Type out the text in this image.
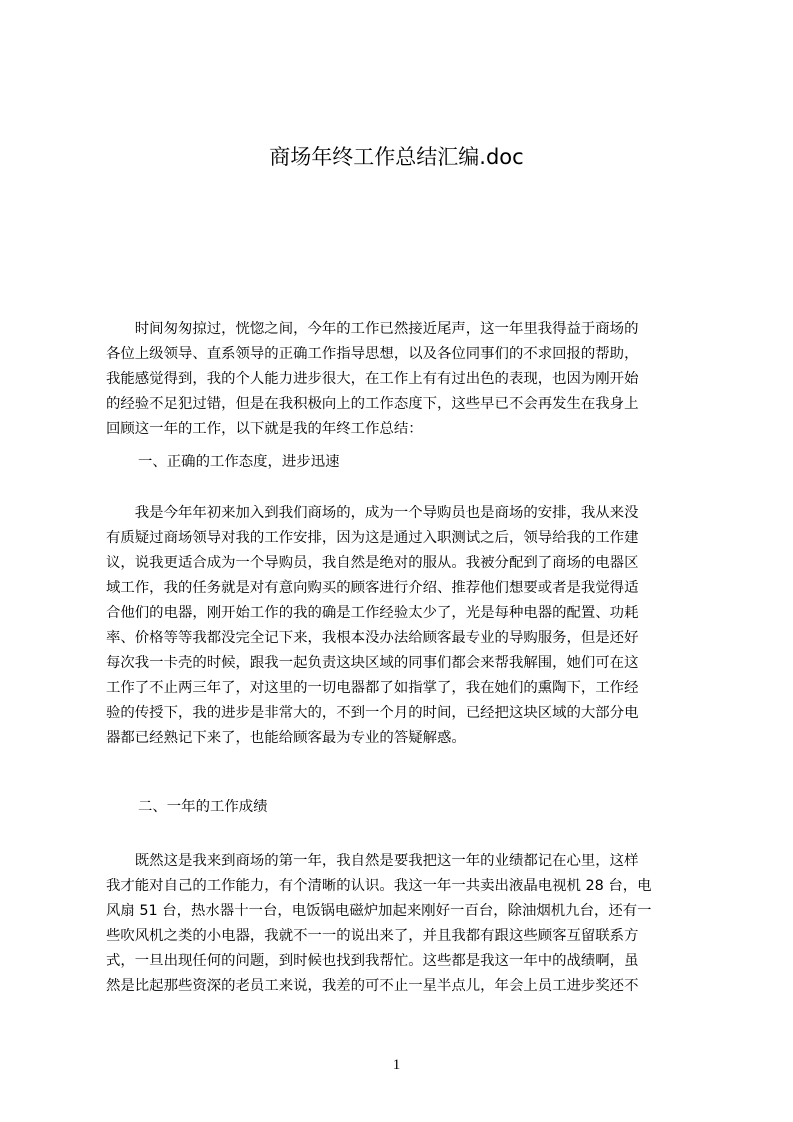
商场年终工作总结汇编.doc
　　时间匆匆掠过，恍惚之间，今年的工作已然接近尾声，这一年里我得益于商场的
各位上级领导、直系领导的正确工作指导思想，以及各位同事们的不求回报的帮助，
我能感觉得到，我的个人能力进步很大，在工作上有有过出色的表现，也因为刚开始
的经验不足犯过错，但是在我积极向上的工作态度下，这些早已不会再发生在我身上
回顾这一年的工作，以下就是我的年终工作总结：
一、正确的工作态度，进步迅速
　　我是今年年初来加入到我们商场的，成为一个导购员也是商场的安排，我从来没
有质疑过商场领导对我的工作安排，因为这是通过入职测试之后，领导给我的工作建
议，说我更适合成为一个导购员，我自然是绝对的服从。我被分配到了商场的电器区
域工作，我的任务就是对有意向购买的顾客进行介绍、推荐他们想要或者是我觉得适
合他们的电器，刚开始工作的我的确是工作经验太少了，光是每种电器的配置、功耗
率、价格等等我都没完全记下来，我根本没办法给顾客最专业的导购服务，但是还好
每次我一卡壳的时候，跟我一起负责这块区域的同事们都会来帮我解围，她们可在这
工作了不止两三年了，对这里的一切电器都了如指掌了，我在她们的熏陶下，工作经
验的传授下，我的进步是非常大的，不到一个月的时间，已经把这块区域的大部分电
器都已经熟记下来了，也能给顾客最为专业的答疑解惑。
二、一年的工作成绩
　　既然这是我来到商场的第一年，我自然是要我把这一年的业绩都记在心里，这样
我才能对自己的工作能力，有个清晰的认识。我这一年一共卖出液晶电视机 28 台，电
风扇 51 台，热水器十一台，电饭锅电磁炉加起来刚好一百台，除油烟机九台，还有一
些吹风机之类的小电器，我就不一一的说出来了，并且我都有跟这些顾客互留联系方
式，一旦出现任何的问题，到时候也找到我帮忙。这些都是我这一年中的战绩啊，虽
然是比起那些资深的老员工来说，我差的可不止一星半点儿，年会上员工进步奖还不
1
